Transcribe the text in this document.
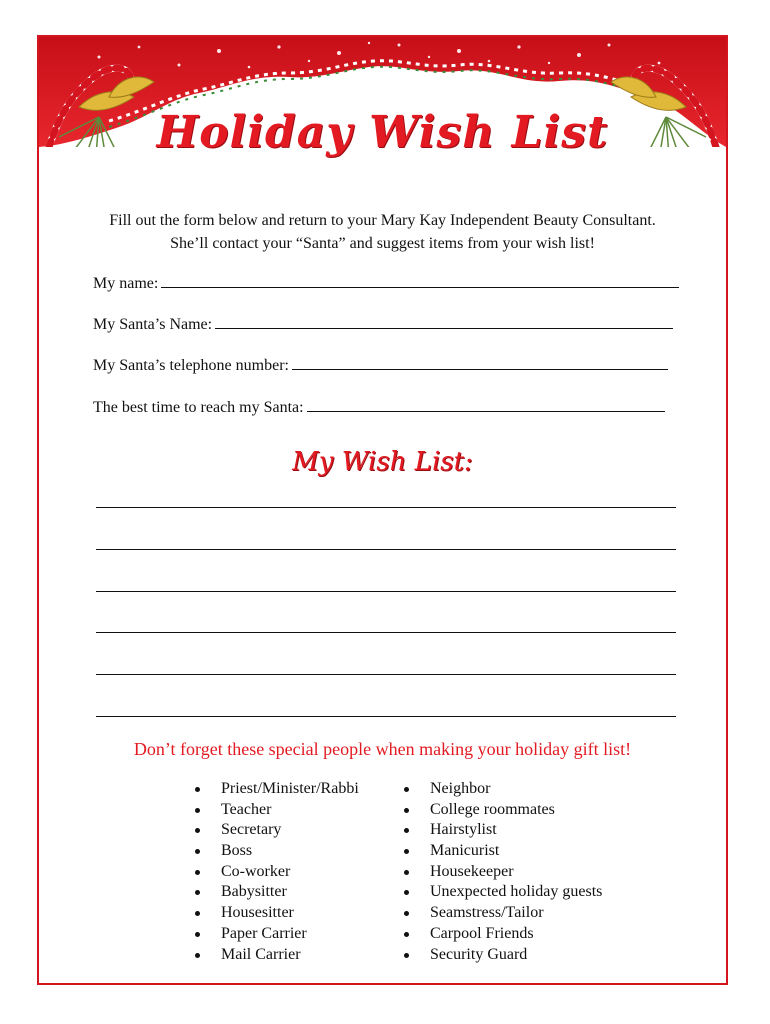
Holiday Wish List
Fill out the form below and return to your Mary Kay Independent Beauty Consultant.
She’ll contact your “Santa” and suggest items from your wish list!
My name:
My Santa’s Name:
My Santa’s telephone number:
The best time to reach my Santa:
My Wish List:
Don’t forget these special people when making your holiday gift list!
Priest/Minister/Rabbi
Teacher
Secretary
Boss
Co-worker
Babysitter
Housesitter
Paper Carrier
Mail Carrier
Neighbor
College roommates
Hairstylist
Manicurist
Housekeeper
Unexpected holiday guests
Seamstress/Tailor
Carpool Friends
Security Guard
